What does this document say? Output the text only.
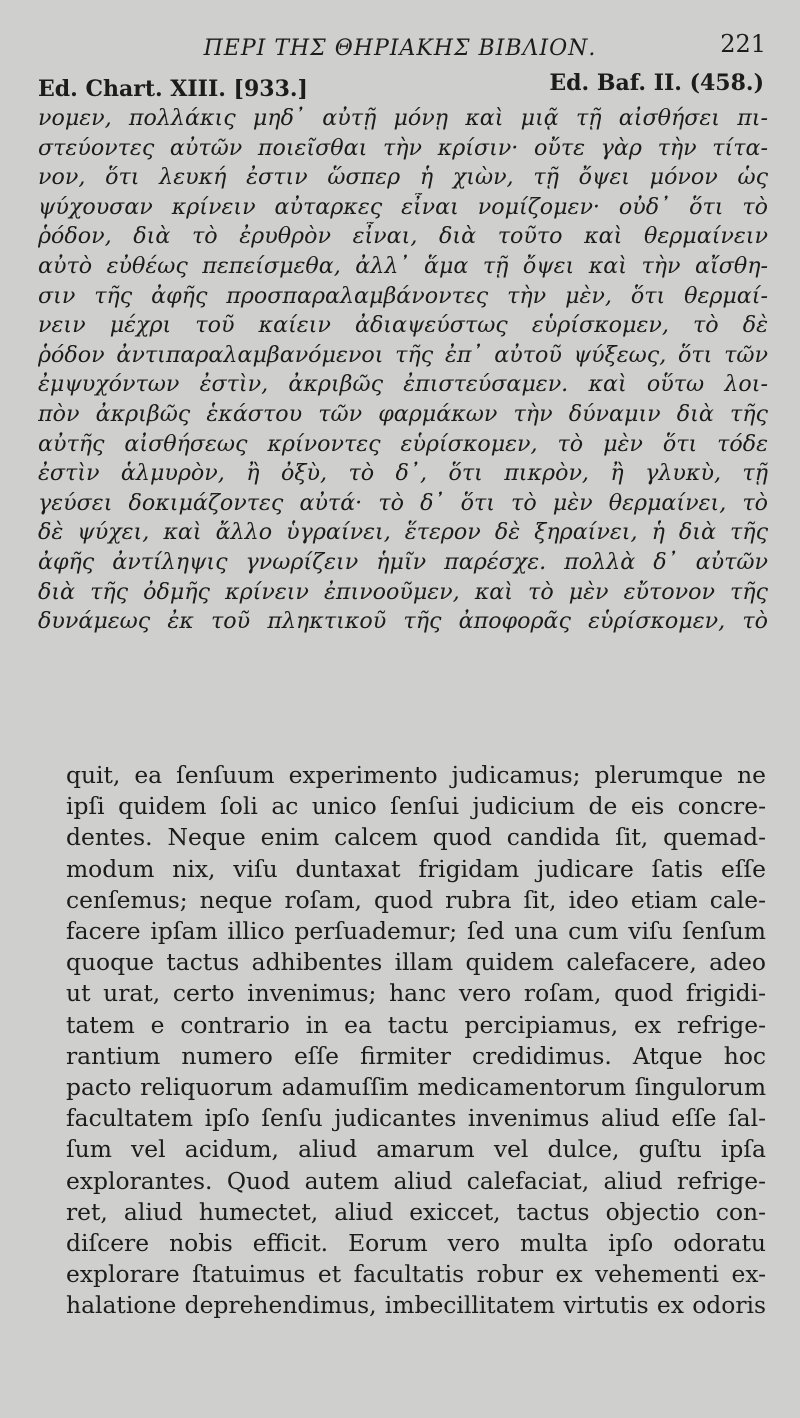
ΠΕΡΙ ΤΗΣ ΘΗΡΙΑΚΗΣ ΒΙΒΛΙΟΝ.	221
Ed. Chart. XIII. [933.]	Ed. Baf. II. (458.)
νομεν, πολλάκις μηδ᾽ αὐτῇ μόνῃ καὶ μιᾷ τῇ αἰσθήσει πι-
στεύοντες αὐτῶν ποιεῖσθαι τὴν κρίσιν· οὔτε γὰρ τὴν τίτα-
νον, ὅτι λευκή ἐστιν ὥσπερ ἡ χιὼν, τῇ ὄψει μόνον ὡς
ψύχουσαν κρίνειν αὐταρκες εἶναι νομίζομεν· οὐδ᾽ ὅτι τὸ
ῥόδον, διὰ τὸ ἐρυθρὸν εἶναι, διὰ τοῦτο καὶ θερμαίνειν
αὐτὸ εὐθέως πεπείσμεθα, ἀλλ᾽ ἅμα τῇ ὄψει καὶ τὴν αἴσθη-
σιν τῆς ἀφῆς προσπαραλαμβάνοντες τὴν μὲν, ὅτι θερμαί-
νειν μέχρι τοῦ καίειν ἀδιαψεύστως εὑρίσκομεν, τὸ δὲ
ῥόδον ἀντιπαραλαμβανόμενοι τῆς ἐπ᾽ αὐτοῦ ψύξεως, ὅτι τῶν
ἐμψυχόντων ἐστὶν, ἀκριβῶς ἐπιστεύσαμεν. καὶ οὕτω λοι-
πὸν ἀκριβῶς ἑκάστου τῶν φαρμάκων τὴν δύναμιν διὰ τῆς
αὐτῆς αἰσθήσεως κρίνοντες εὑρίσκομεν, τὸ μὲν ὅτι τόδε
ἐστὶν ἁλμυρὸν, ἢ ὀξὺ, τὸ δ᾽, ὅτι πικρὸν, ἢ γλυκὺ, τῇ
γεύσει δοκιμάζοντες αὐτά· τὸ δ᾽ ὅτι τὸ μὲν θερμαίνει, τὸ
δὲ ψύχει, καὶ ἄλλο ὑγραίνει, ἕτερον δὲ ξηραίνει, ἡ διὰ τῆς
ἀφῆς ἀντίληψις γνωρίζειν ἡμῖν παρέσχε. πολλὰ δ᾽ αὐτῶν
διὰ τῆς ὀδμῆς κρίνειν ἐπινοοῦμεν, καὶ τὸ μὲν εὔτονον τῆς
δυνάμεως ἐκ τοῦ πληκτικοῦ τῆς ἀποφορᾶς εὑρίσκομεν, τὸ
quit, ea ſenſuum experimento judicamus; plerumque ne
ipſi quidem ſoli ac unico ſenſui judicium de eis concre-
dentes. Neque enim calcem quod candida ſit, quemad-
modum nix, viſu duntaxat frigidam judicare ſatis eſſe
cenſemus; neque roſam, quod rubra ſit, ideo etiam cale-
facere ipſam illico perſuademur; ſed una cum viſu ſenſum
quoque tactus adhibentes illam quidem calefacere, adeo
ut urat, certo invenimus; hanc vero roſam, quod frigidi-
tatem e contrario in ea tactu percipiamus, ex refrige-
rantium numero eſſe firmiter credidimus. Atque hoc
pacto reliquorum adamuſſim medicamentorum ſingulorum
facultatem ipſo ſenſu judicantes invenimus aliud eſſe ſal-
ſum vel acidum, aliud amarum vel dulce, guſtu ipſa
explorantes. Quod autem aliud calefaciat, aliud refrige-
ret, aliud humectet, aliud exiccet, tactus objectio con-
diſcere nobis efficit. Eorum vero multa ipſo odoratu
explorare ſtatuimus et facultatis robur ex vehementi ex-
halatione deprehendimus, imbecillitatem virtutis ex odoris
